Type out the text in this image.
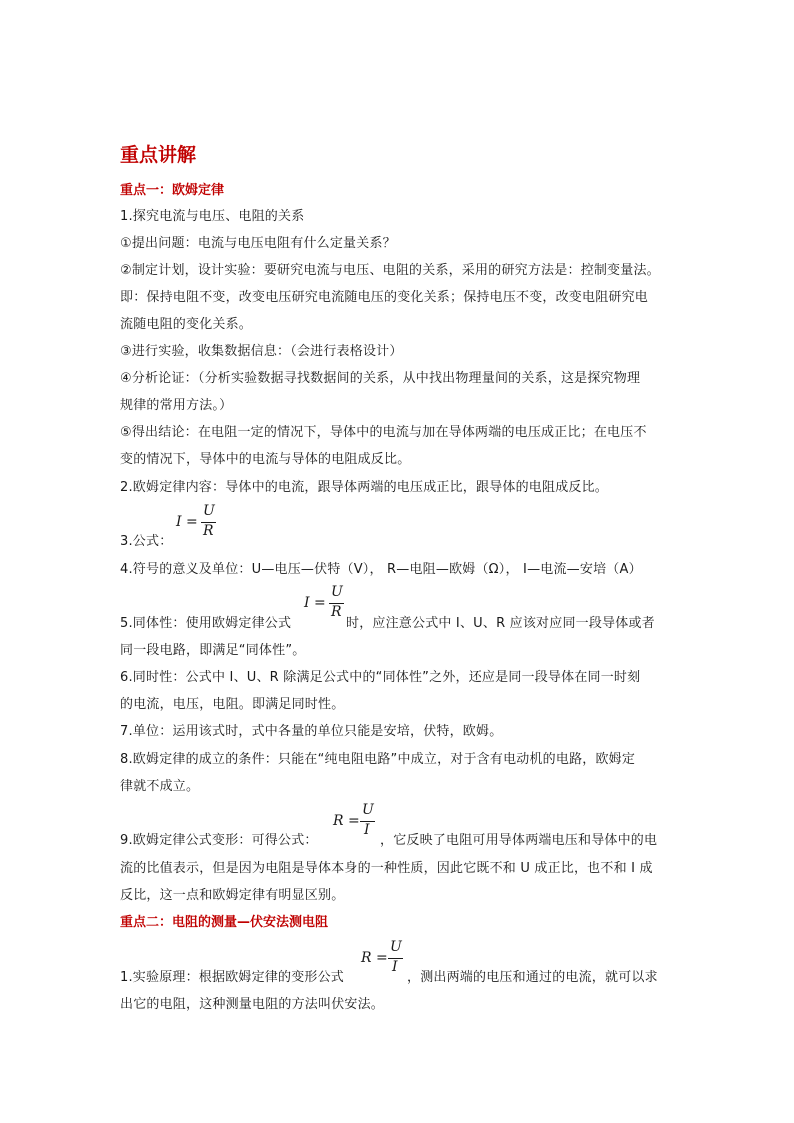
重点讲解
重点一：欧姆定律
1.探究电流与电压、电阻的关系
①提出问题：电流与电压电阻有什么定量关系？
②制定计划，设计实验：要研究电流与电压、电阻的关系，采用的研究方法是：控制变量法。
即：保持电阻不变，改变电压研究电流随电压的变化关系；保持电压不变，改变电阻研究电
流随电阻的变化关系。
③进行实验，收集数据信息：（会进行表格设计）
④分析论证：（分析实验数据寻找数据间的关系，从中找出物理量间的关系，这是探究物理
规律的常用方法。）
⑤得出结论：在电阻一定的情况下，导体中的电流与加在导体两端的电压成正比；在电压不
变的情况下，导体中的电流与导体的电阻成反比。
2.欧姆定律内容：导体中的电流，跟导体两端的电压成正比，跟导体的电阻成反比。
3.公式：
I =
U
R
4.符号的意义及单位：U—电压—伏特（V）， R—电阻—欧姆（Ω）， I—电流—安培（A）
5.同体性：使用欧姆定律公式
I =
U
R
时，应注意公式中 I、U、R 应该对应同一段导体或者
同一段电路，即满足“同体性”。
6.同时性：公式中 I、U、R 除满足公式中的“同体性”之外，还应是同一段导体在同一时刻
的电流，电压，电阻。即满足同时性。
7.单位：运用该式时，式中各量的单位只能是安培，伏特，欧姆。
8.欧姆定律的成立的条件：只能在“纯电阻电路”中成立，对于含有电动机的电路，欧姆定
律就不成立。
9.欧姆定律公式变形：可得公式：
R =
U
I
，它反映了电阻可用导体两端电压和导体中的电
流的比值表示，但是因为电阻是导体本身的一种性质，因此它既不和 U 成正比，也不和 I 成
反比，这一点和欧姆定律有明显区别。
重点二：电阻的测量—伏安法测电阻
1.实验原理：根据欧姆定律的变形公式
R =
U
I
，测出两端的电压和通过的电流，就可以求
出它的电阻，这种测量电阻的方法叫伏安法。
